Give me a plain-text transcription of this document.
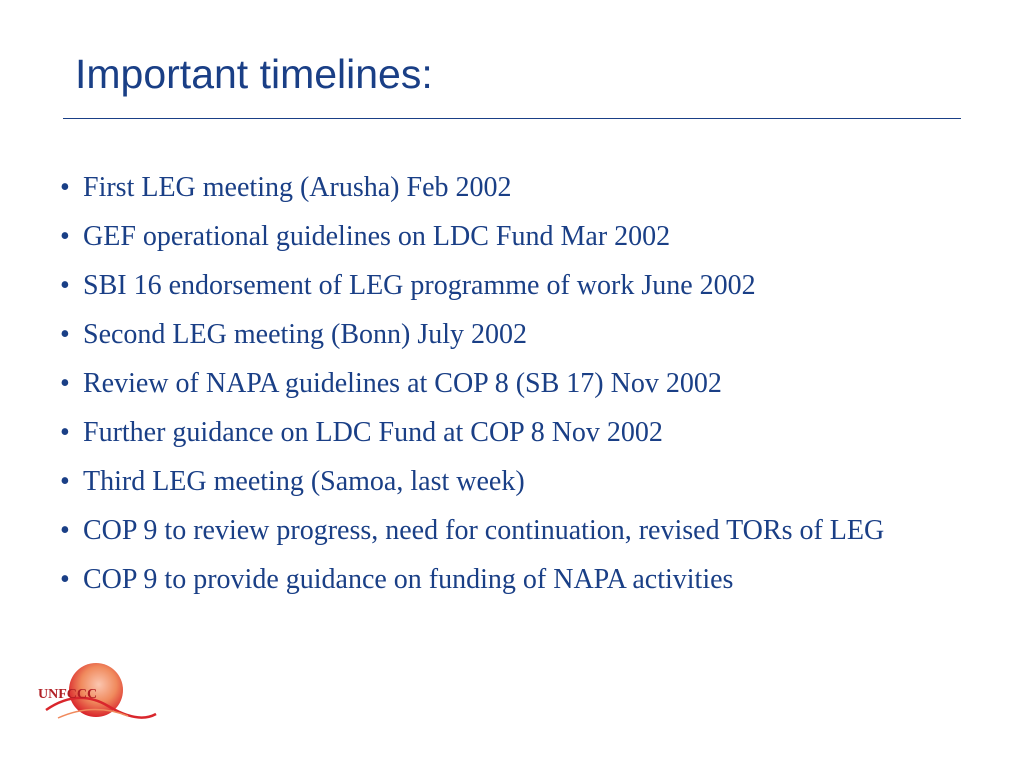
Important timelines:
• First LEG meeting (Arusha) Feb 2002
• GEF operational guidelines on LDC Fund Mar 2002
• SBI 16 endorsement of LEG programme of work June 2002
• Second LEG meeting (Bonn) July 2002
• Review of NAPA guidelines at COP 8 (SB 17) Nov 2002
• Further guidance on LDC Fund at COP 8 Nov 2002
• Third LEG meeting (Samoa, last week)
• COP 9 to review progress, need for continuation, revised TORs of LEG
• COP 9 to provide guidance on funding of NAPA activities
UNFCCC
